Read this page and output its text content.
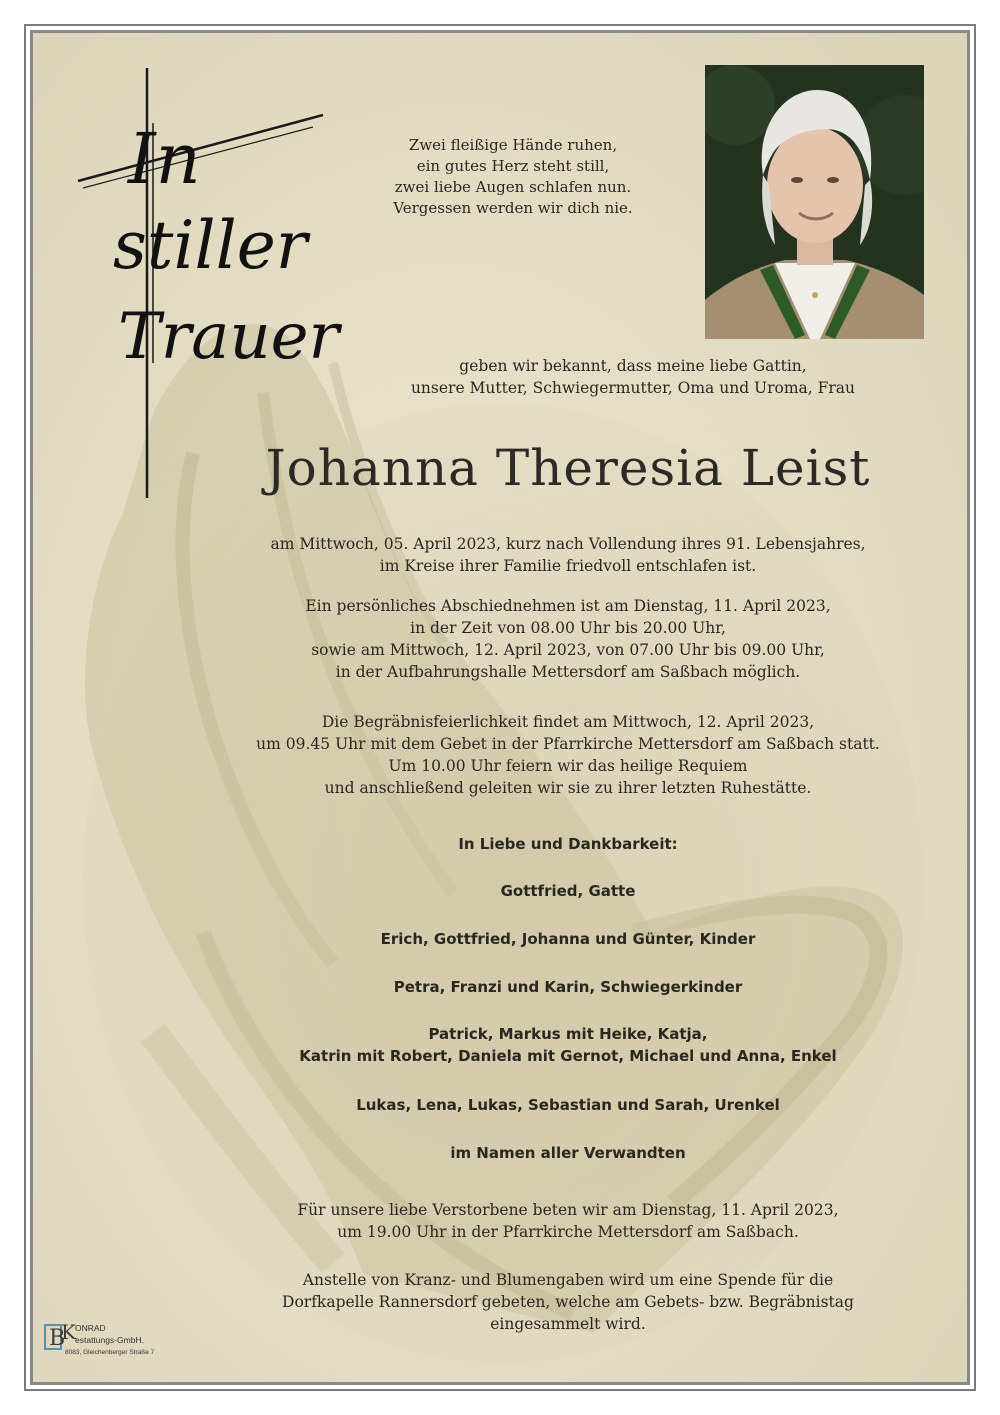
In
stiller
Trauer
Zwei fleißige Hände ruhen,
ein gutes Herz steht still,
zwei liebe Augen schlafen nun.
Vergessen werden wir dich nie.
geben wir bekannt, dass meine liebe Gattin,
unsere Mutter, Schwiegermutter, Oma und Uroma, Frau
Johanna Theresia Leist
am Mittwoch, 05. April 2023, kurz nach Vollendung ihres 91. Lebensjahres,
im Kreise ihrer Familie friedvoll entschlafen ist.
Ein persönliches Abschiednehmen ist am Dienstag, 11. April 2023,
in der Zeit von 08.00 Uhr bis 20.00 Uhr,
sowie am Mittwoch, 12. April 2023, von 07.00 Uhr bis 09.00 Uhr,
in der Aufbahrungshalle Mettersdorf am Saßbach möglich.
Die Begräbnisfeierlichkeit findet am Mittwoch, 12. April 2023,
um 09.45 Uhr mit dem Gebet in der Pfarrkirche Mettersdorf am Saßbach statt.
Um 10.00 Uhr feiern wir das heilige Requiem
und anschließend geleiten wir sie zu ihrer letzten Ruhestätte.
In Liebe und Dankbarkeit:
Gottfried, Gatte
Erich, Gottfried, Johanna und Günter, Kinder
Petra, Franzi und Karin, Schwiegerkinder
Patrick, Markus mit Heike, Katja,
Katrin mit Robert, Daniela mit Gernot, Michael und Anna, Enkel
Lukas, Lena, Lukas, Sebastian und Sarah, Urenkel
im Namen aller Verwandten
Für unsere liebe Verstorbene beten wir am Dienstag, 11. April 2023,
um 19.00 Uhr in der Pfarrkirche Mettersdorf am Saßbach.
Anstelle von Kranz- und Blumengaben wird um eine Spende für die
Dorfkapelle Rannersdorf gebeten, welche am Gebets- bzw. Begräbnistag
eingesammelt wird.
B
K ONRAD
estattungs-GmbH.
8083, Gleichenberger Straße 7
